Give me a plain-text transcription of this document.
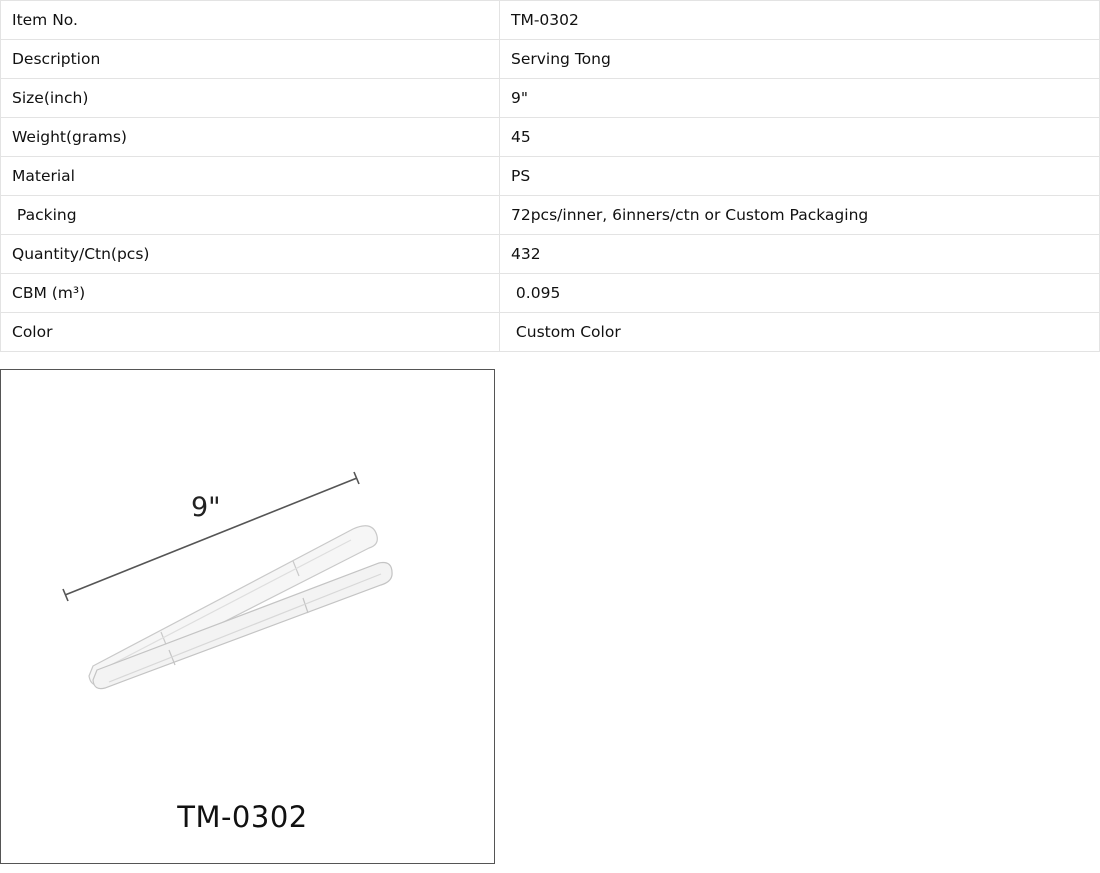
Item No.	TM-0302
Description	Serving Tong
Size(inch)	9"
Weight(grams)	45
Material	PS
Packing	72pcs/inner, 6inners/ctn or Custom Packaging
Quantity/Ctn(pcs)	432
CBM (m³)	0.095
Color	Custom Color
9"
TM-0302
